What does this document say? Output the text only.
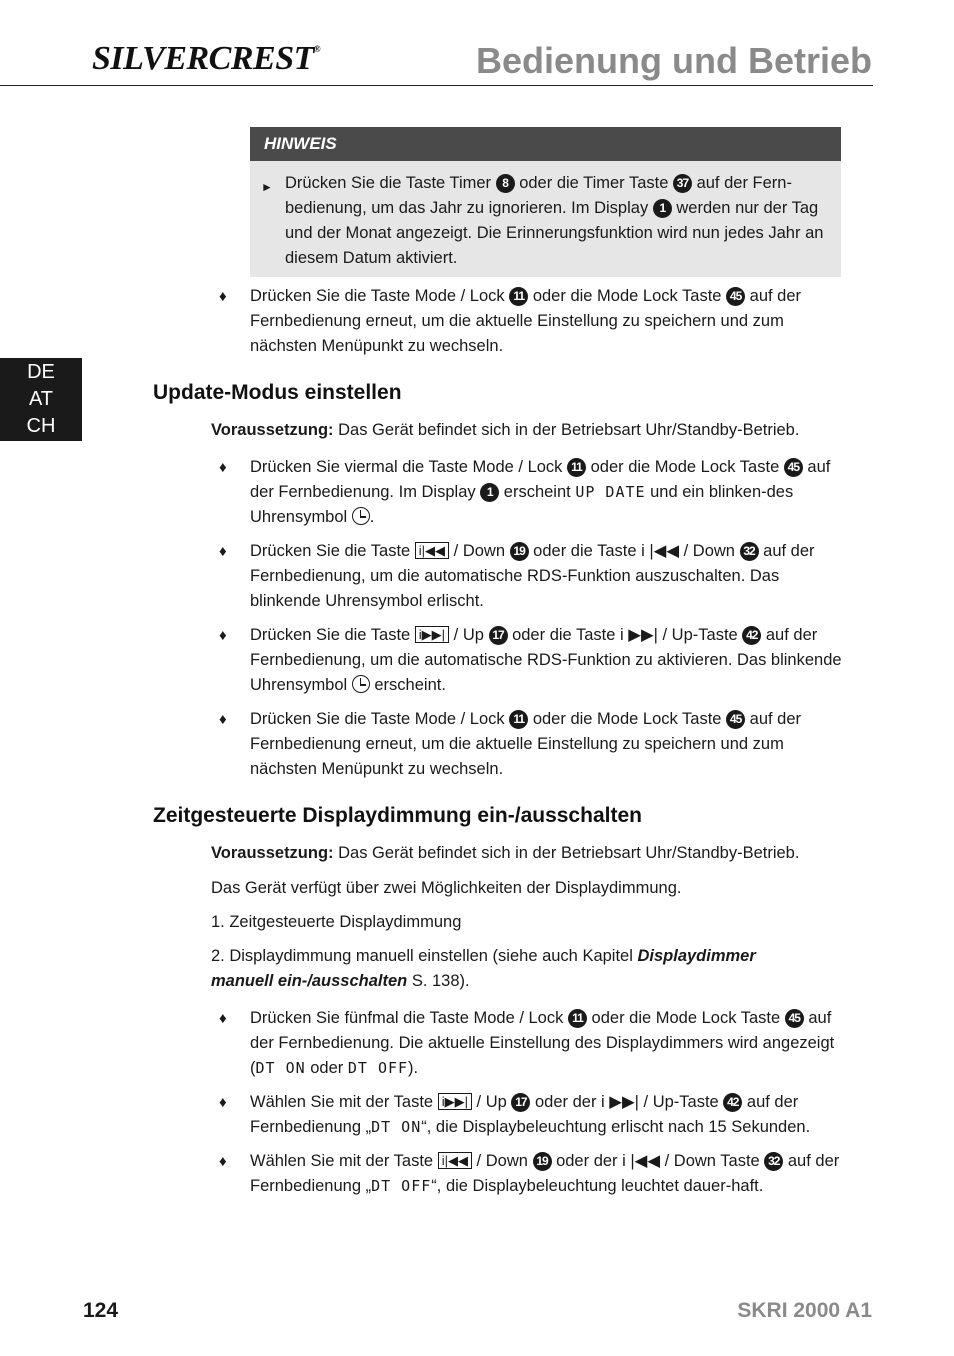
SILVERCREST®	Bedienung und Betrieb
DE
AT
CH
HINWEIS
► Drücken Sie die Taste Timer 8 oder die Timer Taste 37 auf der Fern-bedienung, um das Jahr zu ignorieren. Im Display 1 werden nur der Tag und der Monat angezeigt. Die Erinnerungsfunktion wird nun jedes Jahr an diesem Datum aktiviert.
♦ Drücken Sie die Taste Mode / Lock 11 oder die Mode Lock Taste 45 auf der Fernbedienung erneut, um die aktuelle Einstellung zu speichern und zum nächsten Menüpunkt zu wechseln.
Update-Modus einstellen
Voraussetzung: Das Gerät befindet sich in der Betriebsart Uhr/Standby-Betrieb.
♦ Drücken Sie viermal die Taste Mode / Lock 11 oder die Mode Lock Taste 45 auf der Fernbedienung. Im Display 1 erscheint UP DATE und ein blinken-des Uhrensymbol .
♦ Drücken Sie die Taste i|◀◀ / Down 19 oder die Taste i |◀◀ / Down 32 auf der Fernbedienung, um die automatische RDS-Funktion auszuschalten. Das blinkende Uhrensymbol erlischt.
♦ Drücken Sie die Taste i▶▶| / Up 17 oder die Taste i ▶▶| / Up-Taste 42 auf der Fernbedienung, um die automatische RDS-Funktion zu aktivieren. Das blinkende Uhrensymbol  erscheint.
♦ Drücken Sie die Taste Mode / Lock 11 oder die Mode Lock Taste 45 auf der Fernbedienung erneut, um die aktuelle Einstellung zu speichern und zum nächsten Menüpunkt zu wechseln.
Zeitgesteuerte Displaydimmung ein-/ausschalten
Voraussetzung: Das Gerät befindet sich in der Betriebsart Uhr/Standby-Betrieb.
Das Gerät verfügt über zwei Möglichkeiten der Displaydimmung.
1. Zeitgesteuerte Displaydimmung
2. Displaydimmung manuell einstellen (siehe auch Kapitel Displaydimmer manuell ein-/ausschalten S. 138).
♦ Drücken Sie fünfmal die Taste Mode / Lock 11 oder die Mode Lock Taste 45 auf der Fernbedienung. Die aktuelle Einstellung des Displaydimmers wird angezeigt (DT ON oder DT OFF).
♦ Wählen Sie mit der Taste i▶▶| / Up 17 oder der i ▶▶| / Up-Taste 42 auf der Fernbedienung „DT ON“, die Displaybeleuchtung erlischt nach 15 Sekunden.
♦ Wählen Sie mit der Taste i|◀◀ / Down 19 oder der i |◀◀ / Down Taste 32 auf der Fernbedienung „DT OFF“, die Displaybeleuchtung leuchtet dauer-haft.
124	SKRI 2000 A1
